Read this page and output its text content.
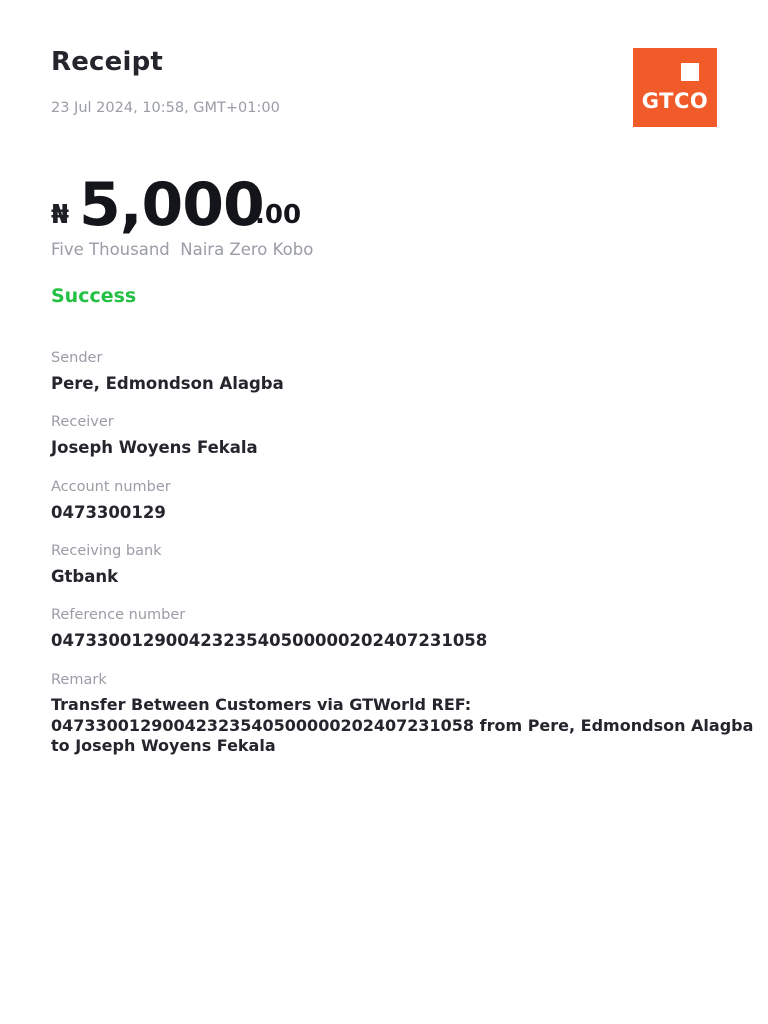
Receipt
23 Jul 2024, 10:58, GMT+01:00	GTCO
₦ 5,000
.00
Five Thousand  Naira Zero Kobo
Success
Sender
Pere, Edmondson Alagba
Receiver
Joseph Woyens Fekala
Account number
0473300129
Receiving bank
Gtbank
Reference number
04733001290042323540500000202407231058
Remark
Transfer Between Customers via GTWorld REF: 04733001290042323540500000202407231058 from Pere, Edmondson Alagba to Joseph Woyens Fekala
